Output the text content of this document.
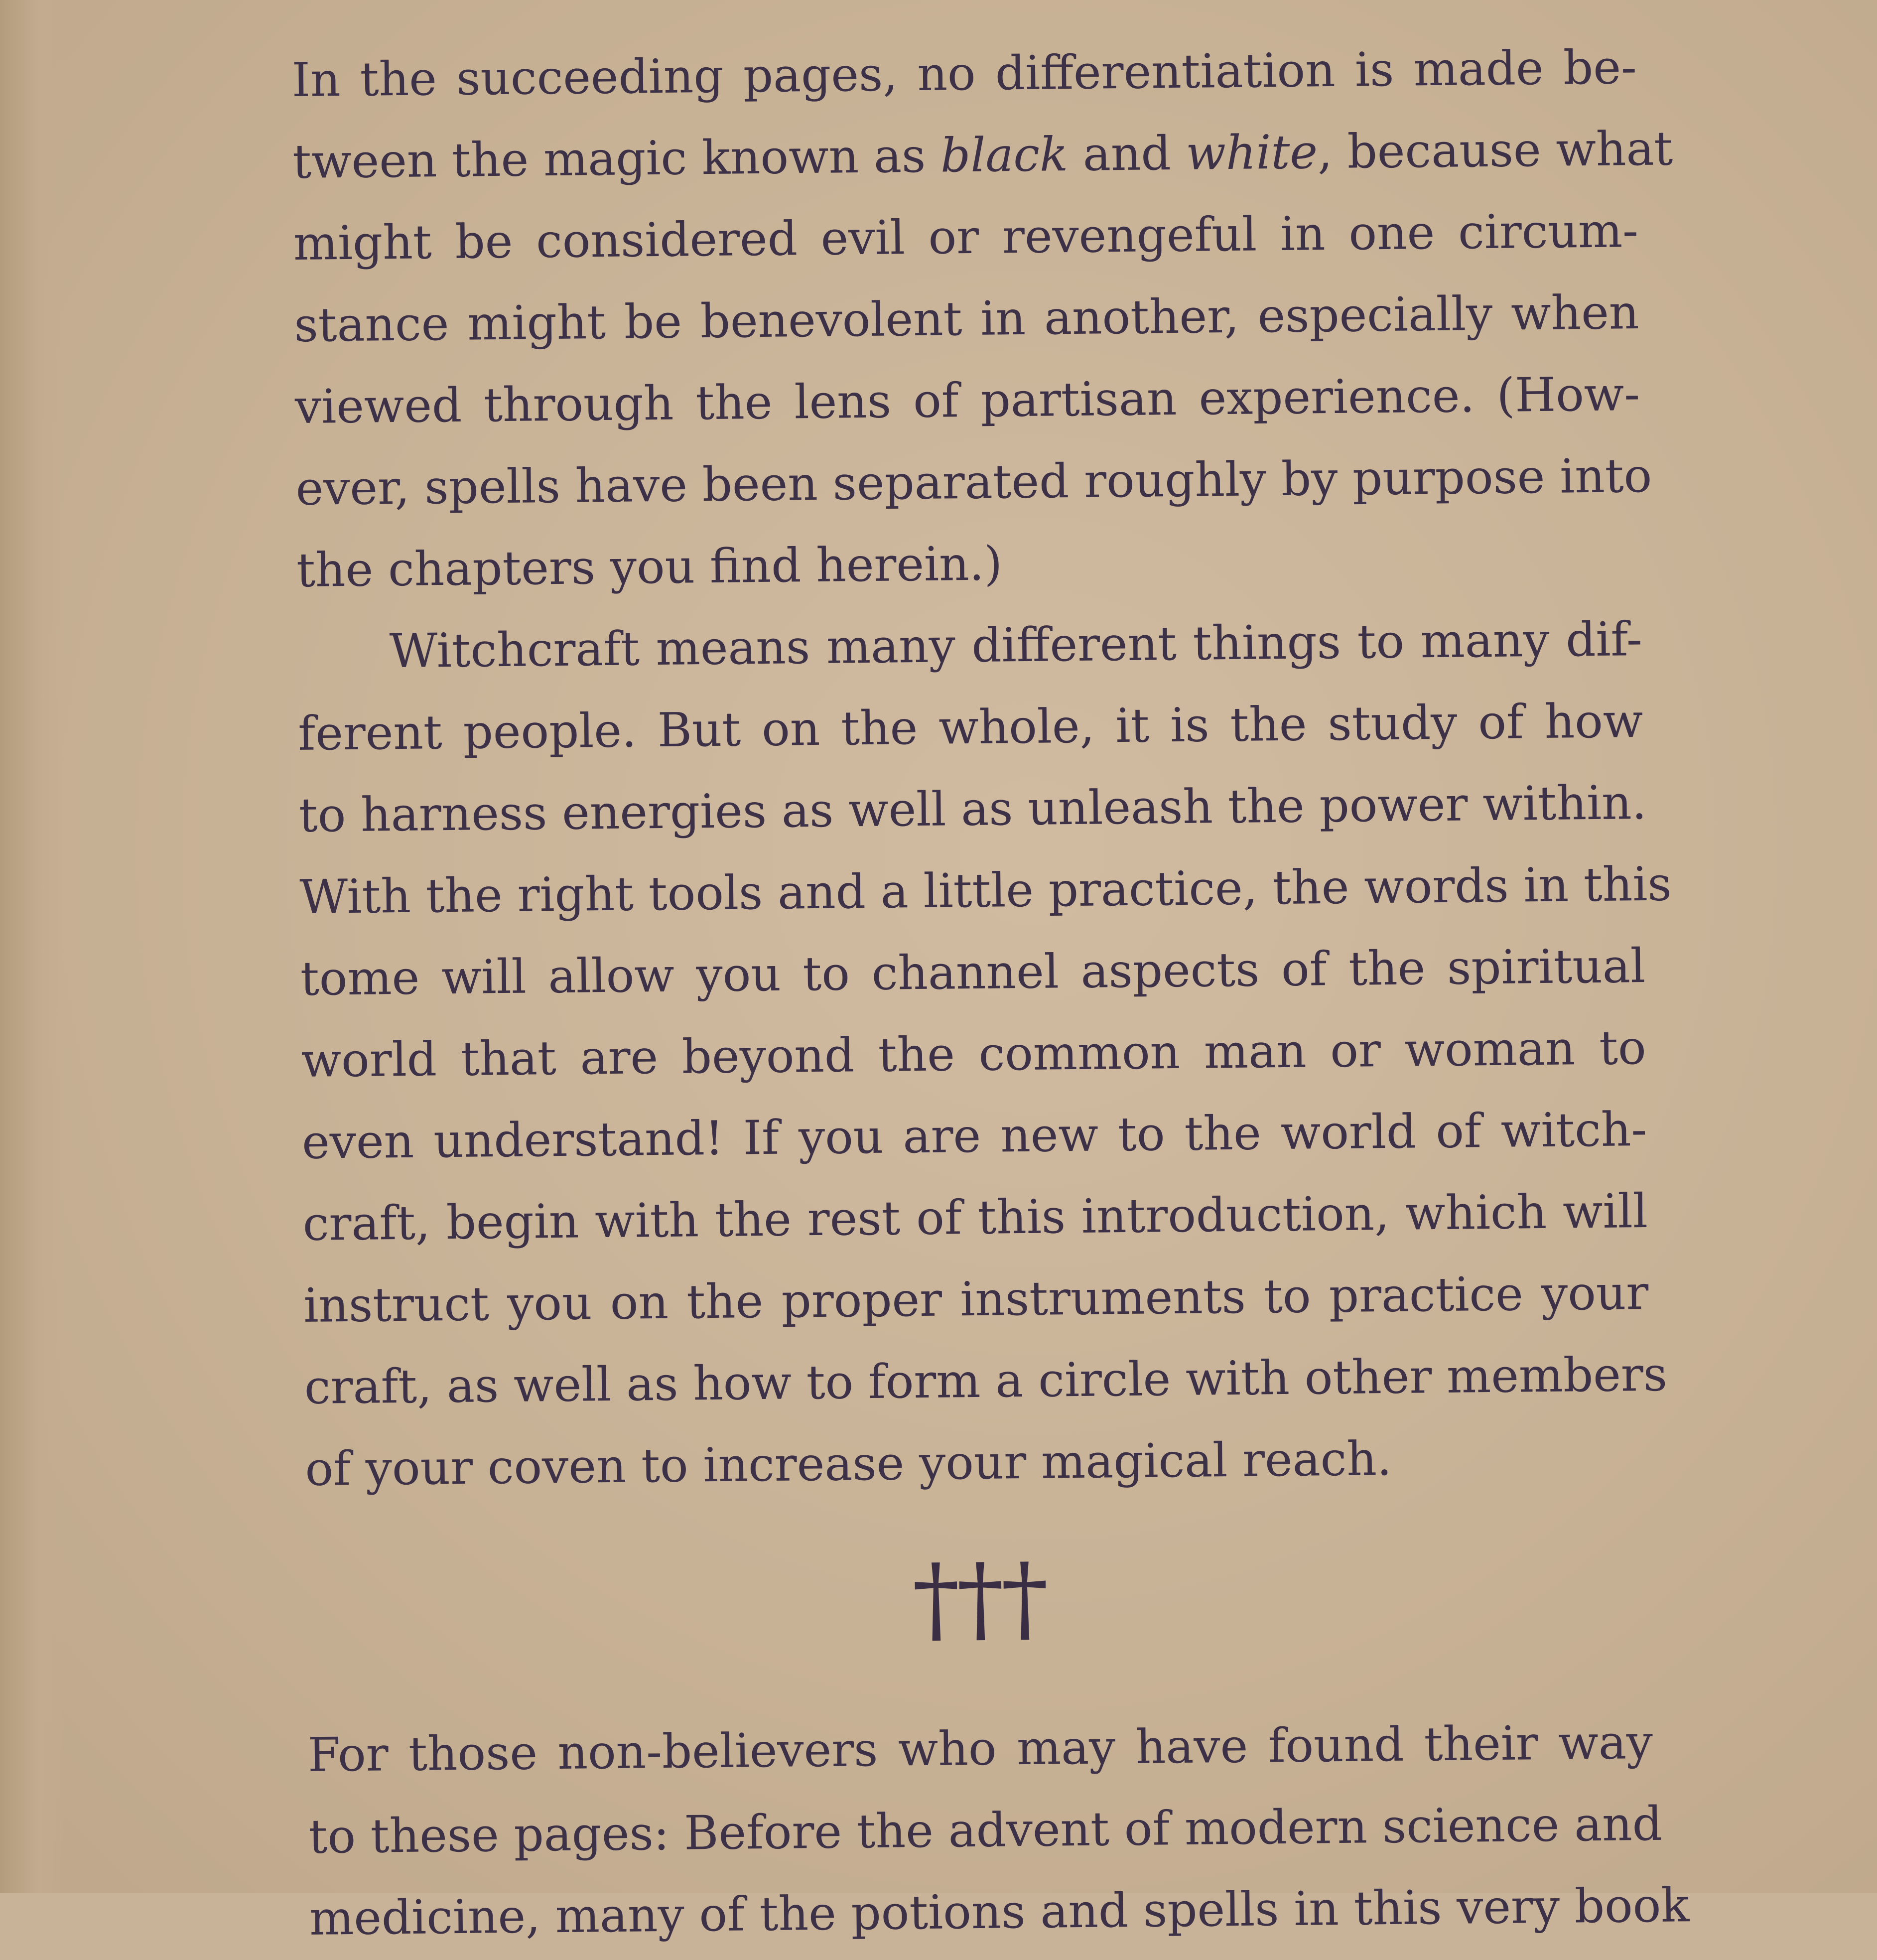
In the succeeding pages, no differentiation is made be-
tween the magic known as black and white, because what
might be considered evil or revengeful in one circum-
stance might be benevolent in another, especially when
viewed through the lens of partisan experience. (How-
ever, spells have been separated roughly by purpose into
the chapters you find herein.)
Witchcraft means many different things to many dif-
ferent people. But on the whole, it is the study of how
to harness energies as well as unleash the power within.
With the right tools and a little practice, the words in this
tome will allow you to channel aspects of the spiritual
world that are beyond the common man or woman to
even understand! If you are new to the world of witch-
craft, begin with the rest of this introduction, which will
instruct you on the proper instruments to practice your
craft, as well as how to form a circle with other members
of your coven to increase your magical reach.
†††
For those non-believers who may have found their way
to these pages: Before the advent of modern science and
medicine, many of the potions and spells in this very book
